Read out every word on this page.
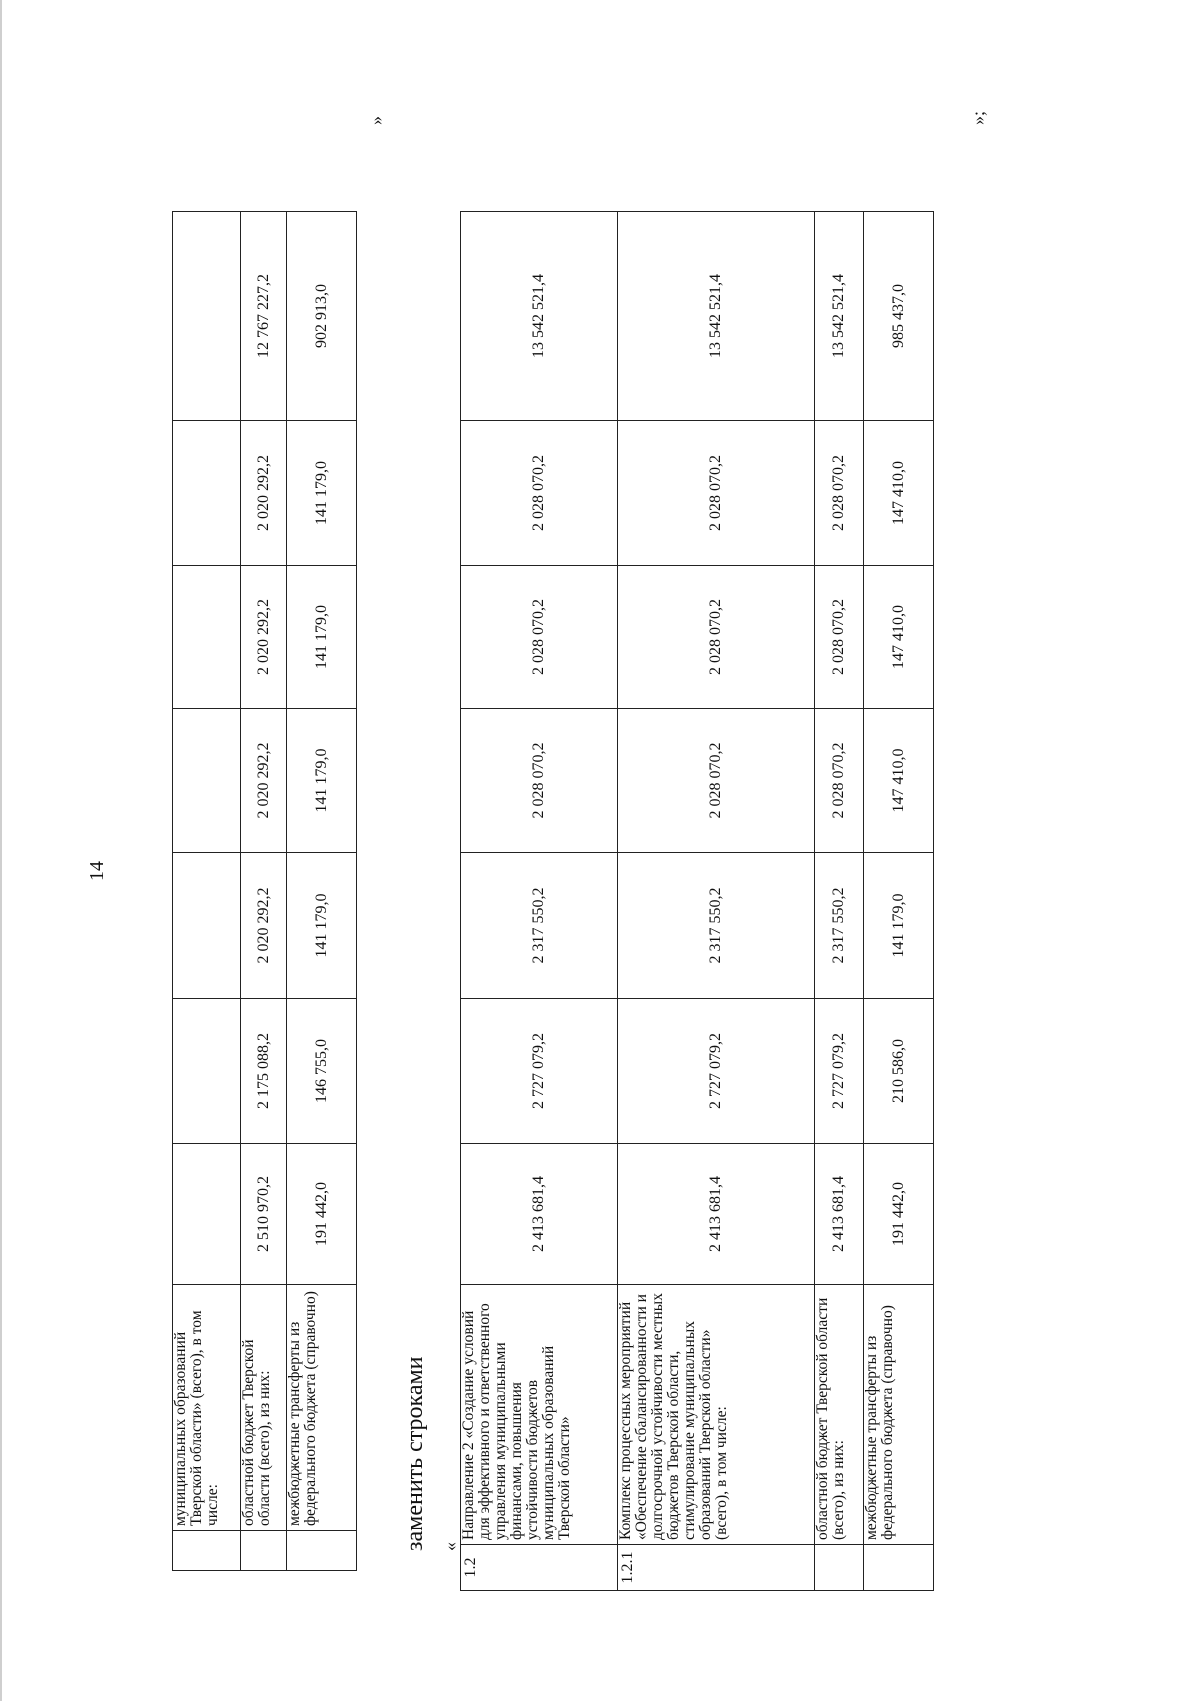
14
	муниципальных образований Тверской области» (всего), в том числе:							
	областной бюджет Тверской области (всего), из них:	2 510 970,2	2 175 088,2	2 020 292,2	2 020 292,2	2 020 292,2	2 020 292,2	12 767 227,2
	межбюджетные трансферты из федерального бюджета (справочно)	191 442,0	146 755,0	141 179,0	141 179,0	141 179,0	141 179,0	902 913,0
»
заменить строками «
1.2	Направление 2 «Создание условий для эффективного и ответственного управления муниципальными финансами, повышения устойчивости бюджетов муниципальных образований Тверской области»	2 413 681,4	2 727 079,2	2 317 550,2	2 028 070,2	2 028 070,2	2 028 070,2	13 542 521,4
1.2.1	Комплекс процессных мероприятий «Обеспечение сбалансированности и долгосрочной устойчивости местных бюджетов Тверской области, стимулирование муниципальных образований Тверской области» (всего), в том числе:	2 413 681,4	2 727 079,2	2 317 550,2	2 028 070,2	2 028 070,2	2 028 070,2	13 542 521,4
	областной бюджет Тверской области (всего), из них:	2 413 681,4	2 727 079,2	2 317 550,2	2 028 070,2	2 028 070,2	2 028 070,2	13 542 521,4
	межбюджетные трансферты из федерального бюджета (справочно)	191 442,0	210 586,0	141 179,0	147 410,0	147 410,0	147 410,0	985 437,0
»;
